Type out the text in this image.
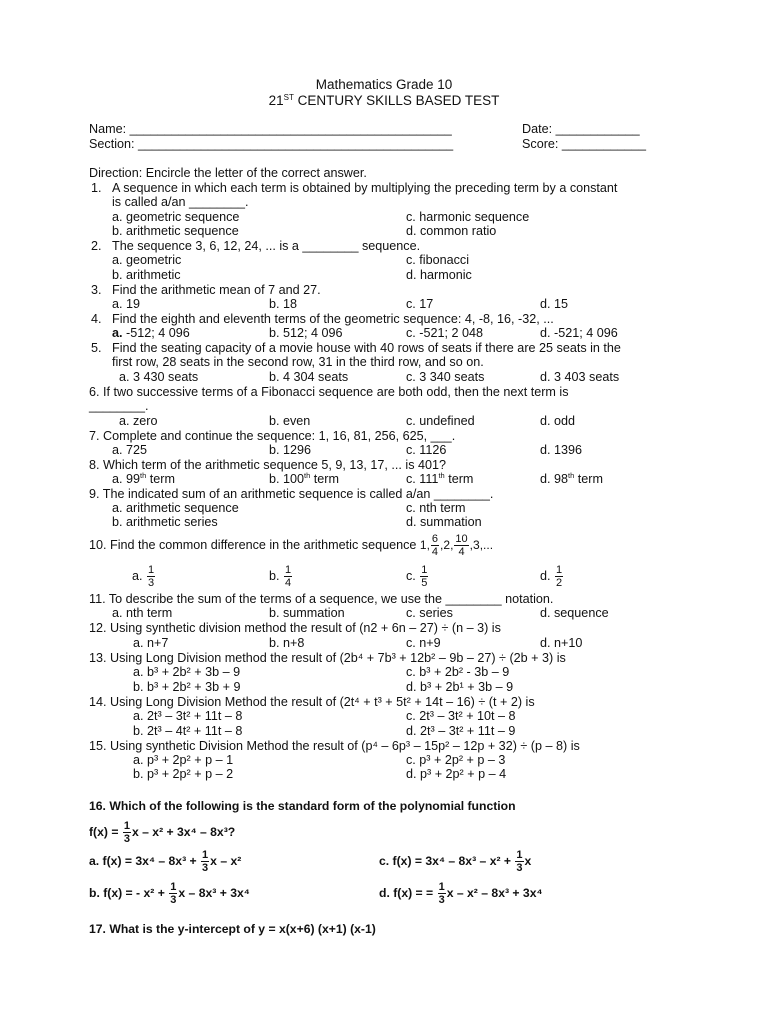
Mathematics Grade 10
21ST CENTURY SKILLS BASED TEST
Name: ______________________________________________	Date: ____________
Section: _____________________________________________	Score: ____________
Direction: Encircle the letter of the correct answer.
1. A sequence in which each term is obtained by multiplying the preceding term by a constant
is called a/an ________.
a. geometric sequence	c. harmonic sequence
b. arithmetic sequence	d. common ratio
2. The sequence 3, 6, 12, 24, ... is a ________ sequence.
a. geometric	c. fibonacci
b. arithmetic	d. harmonic
3. Find the arithmetic mean of 7 and 27.
a. 19	b. 18	c. 17	d. 15
4. Find the eighth and eleventh terms of the geometric sequence: 4, -8, 16, -32, ...
a. -512; 4 096	b. 512; 4 096	c. -521; 2 048	d. -521; 4 096
5. Find the seating capacity of a movie house with 40 rows of seats if there are 25 seats in the
first row, 28 seats in the second row, 31 in the third row, and so on.
a. 3 430 seats	b. 4 304 seats	c. 3 340 seats	d. 3 403 seats
6. If two successive terms of a Fibonacci sequence are both odd, then the next term is
________.
a. zero	b. even	c. undefined	d. odd
7. Complete and continue the sequence: 1, 16, 81, 256, 625, ___.
a. 725	b. 1296	c. 1126	d. 1396
8. Which term of the arithmetic sequence 5, 9, 13, 17, ... is 401?
a. 99th term	b. 100th term	c. 111th term	d. 98th term
9. The indicated sum of an arithmetic sequence is called a/an ________.
a. arithmetic sequence	c. nth term
b. arithmetic series	d. summation
10. Find the common difference in the arithmetic sequence 1, $\frac{6}{4} ,2$, $\frac{10}{4} ,3$,...
a. $\frac{1}{3}$	b. $\frac{1}{4}$	c. $\frac{1}{5}$	d. $\frac{1}{2}$
11. To describe the sum of the terms of a sequence, we use the ________ notation.
a. nth term	b. summation	c. series	d. sequence
12. Using synthetic division method the result of (n2 + 6n – 27) ÷ (n – 3) is
a. n+7	b. n+8	c. n+9	d. n+10
13. Using Long Division method the result of (2b⁴ + 7b³ + 12b² – 9b – 27) ÷ (2b + 3) is
a. b³ + 2b² + 3b – 9	c. b³ + 2b² - 3b – 9
b. b³ + 2b² + 3b + 9	d. b³ + 2b¹ + 3b – 9
14. Using Long Division Method the result of (2t⁴ + t³ + 5t² + 14t – 16) ÷ (t + 2) is
a. 2t³ – 3t² + 11t – 8	c. 2t³ – 3t² + 10t – 8
b. 2t³ – 4t² + 11t – 8	d. 2t³ – 3t² + 11t – 9
15. Using synthetic Division Method the result of (p⁴ – 6p³ – 15p² – 12p + 32) ÷ (p – 8) is
a. p³ + 2p² + p – 1	c. p³ + 2p² + p – 3
b. p³ + 2p² + p – 2	d. p³ + 2p² + p – 4
16. Which of the following is the standard form of the polynomial function
$f(x) = \frac{1}{3}$ x – x² + 3x⁴ – 8x³?
a. $f(x) = 3x^4 - 8x^3 + \frac{1}{3}$ x – x²	c. $f(x) = 3x^4 - 8x^3 - x^2 + \frac{1}{3}$ x
b. f(x) = - $x^2 + \frac{1}{3}$ x – 8x³ + 3x⁴	d. f(x) = = $\frac{1}{3}$ x – x² – 8x³ + 3x⁴
17. What is the y-intercept of y = x(x+6) (x+1) (x-1)
